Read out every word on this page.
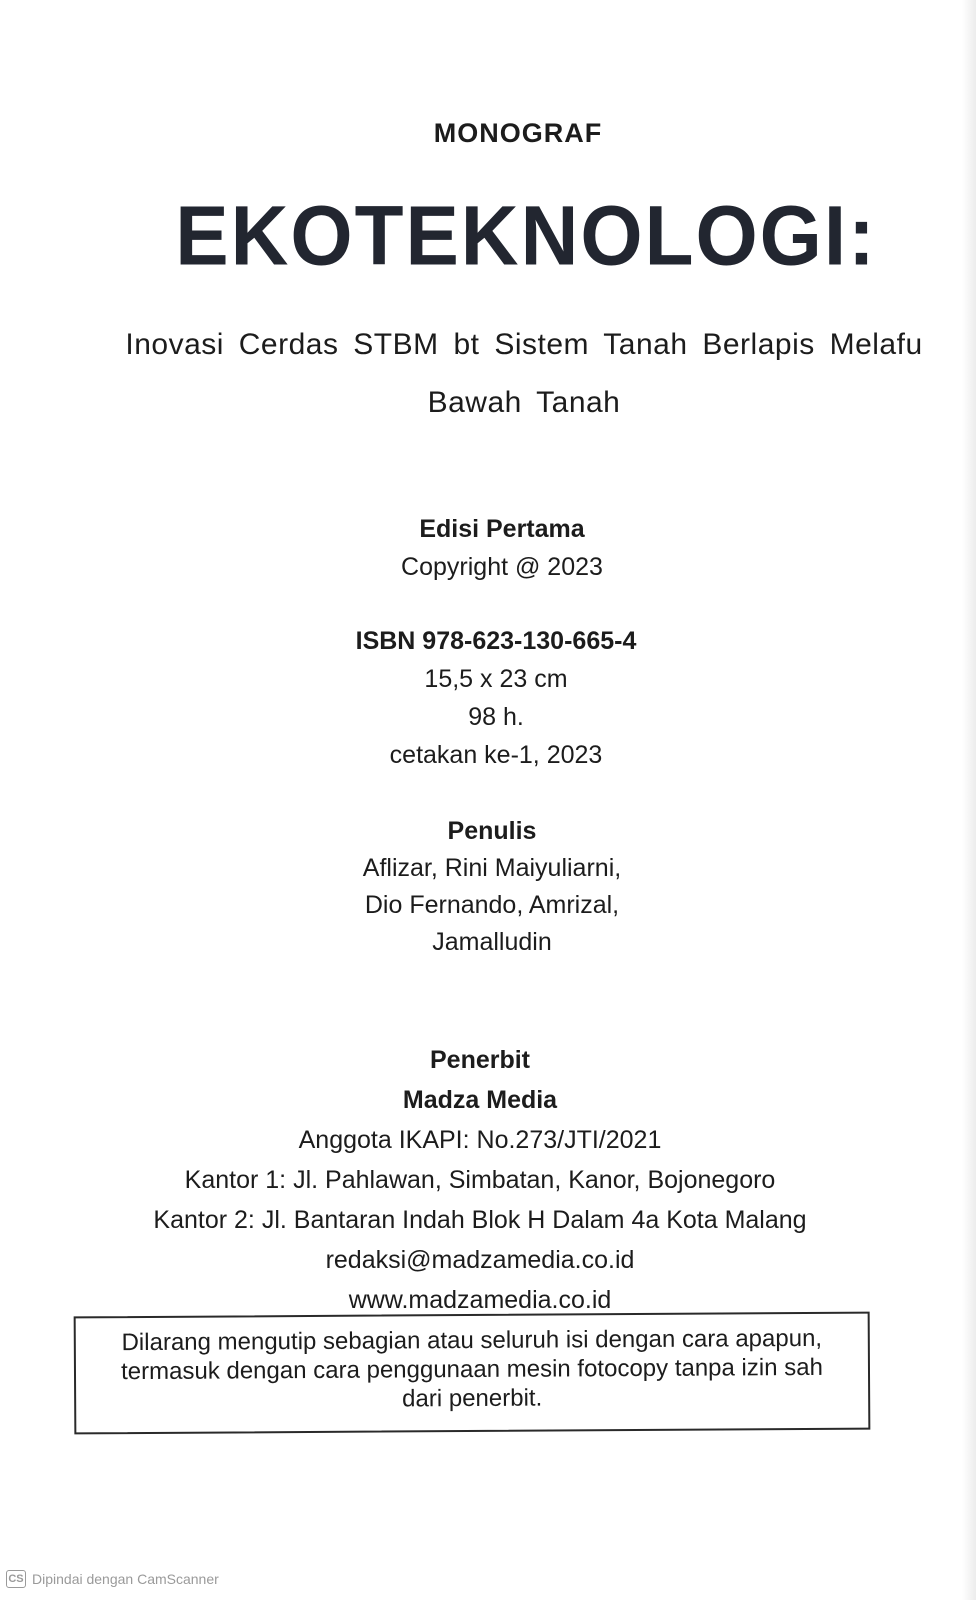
MONOGRAF
EKOTEKNOLOGI:
Inovasi Cerdas STBM bt Sistem Tanah Berlapis Melafu
Bawah Tanah
Edisi Pertama
Copyright @ 2023
ISBN 978-623-130-665-4
15,5 x 23 cm
98 h.
cetakan ke-1, 2023
Penulis
Aflizar, Rini Maiyuliarni,
Dio Fernando, Amrizal,
Jamalludin
Penerbit
Madza Media
Anggota IKAPI: No.273/JTI/2021
Kantor 1: Jl. Pahlawan, Simbatan, Kanor, Bojonegoro
Kantor 2: Jl. Bantaran Indah Blok H Dalam 4a Kota Malang
redaksi@madzamedia.co.id
www.madzamedia.co.id
Dilarang mengutip sebagian atau seluruh isi dengan cara apapun,
termasuk dengan cara penggunaan mesin fotocopy tanpa izin sah
dari penerbit.
CS Dipindai dengan CamScanner
